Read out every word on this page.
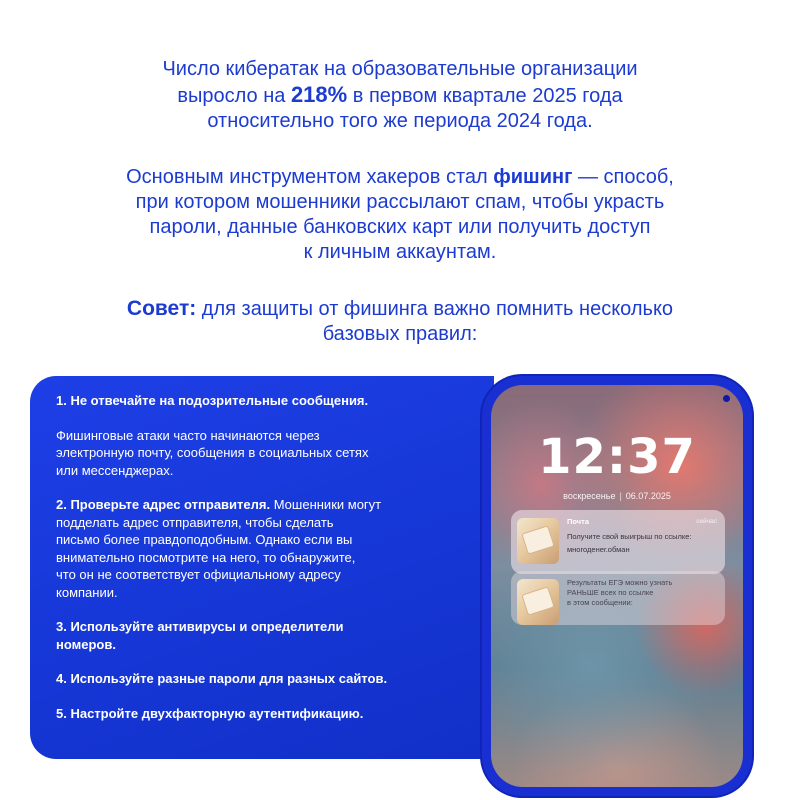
Число кибератак на образовательные организации
выросло на 218% в первом квартале 2025 года
относительно того же периода 2024 года.
Основным инструментом хакеров стал фишинг — способ,
при котором мошенники рассылают спам, чтобы украсть
пароли, данные банковских карт или получить доступ
к личным аккаунтам.
Совет: для защиты от фишинга важно помнить несколько
базовых правил:
1. Не отвечайте на подозрительные сообщения.
Фишинговые атаки часто начинаются через
электронную почту, сообщения в социальных сетях
или мессенджерах.
2. Проверьте адрес отправителя. Мошенники могут
подделать адрес отправителя, чтобы сделать
письмо более правдоподобным. Однако если вы
внимательно посмотрите на него, то обнаружите,
что он не соответствует официальному адресу
компании.
3. Используйте антивирусы и определители
номеров.
4. Используйте разные пароли для разных сайтов.
5. Настройте двухфакторную аутентификацию.
12:37
воскресенье | 06.07.2025
Почта	сейчас
Получите свой выигрыш по ссылке:
многоденег.обман
Результаты ЕГЭ можно узнать
РАНЬШЕ всех по ссылке
в этом сообщении:
